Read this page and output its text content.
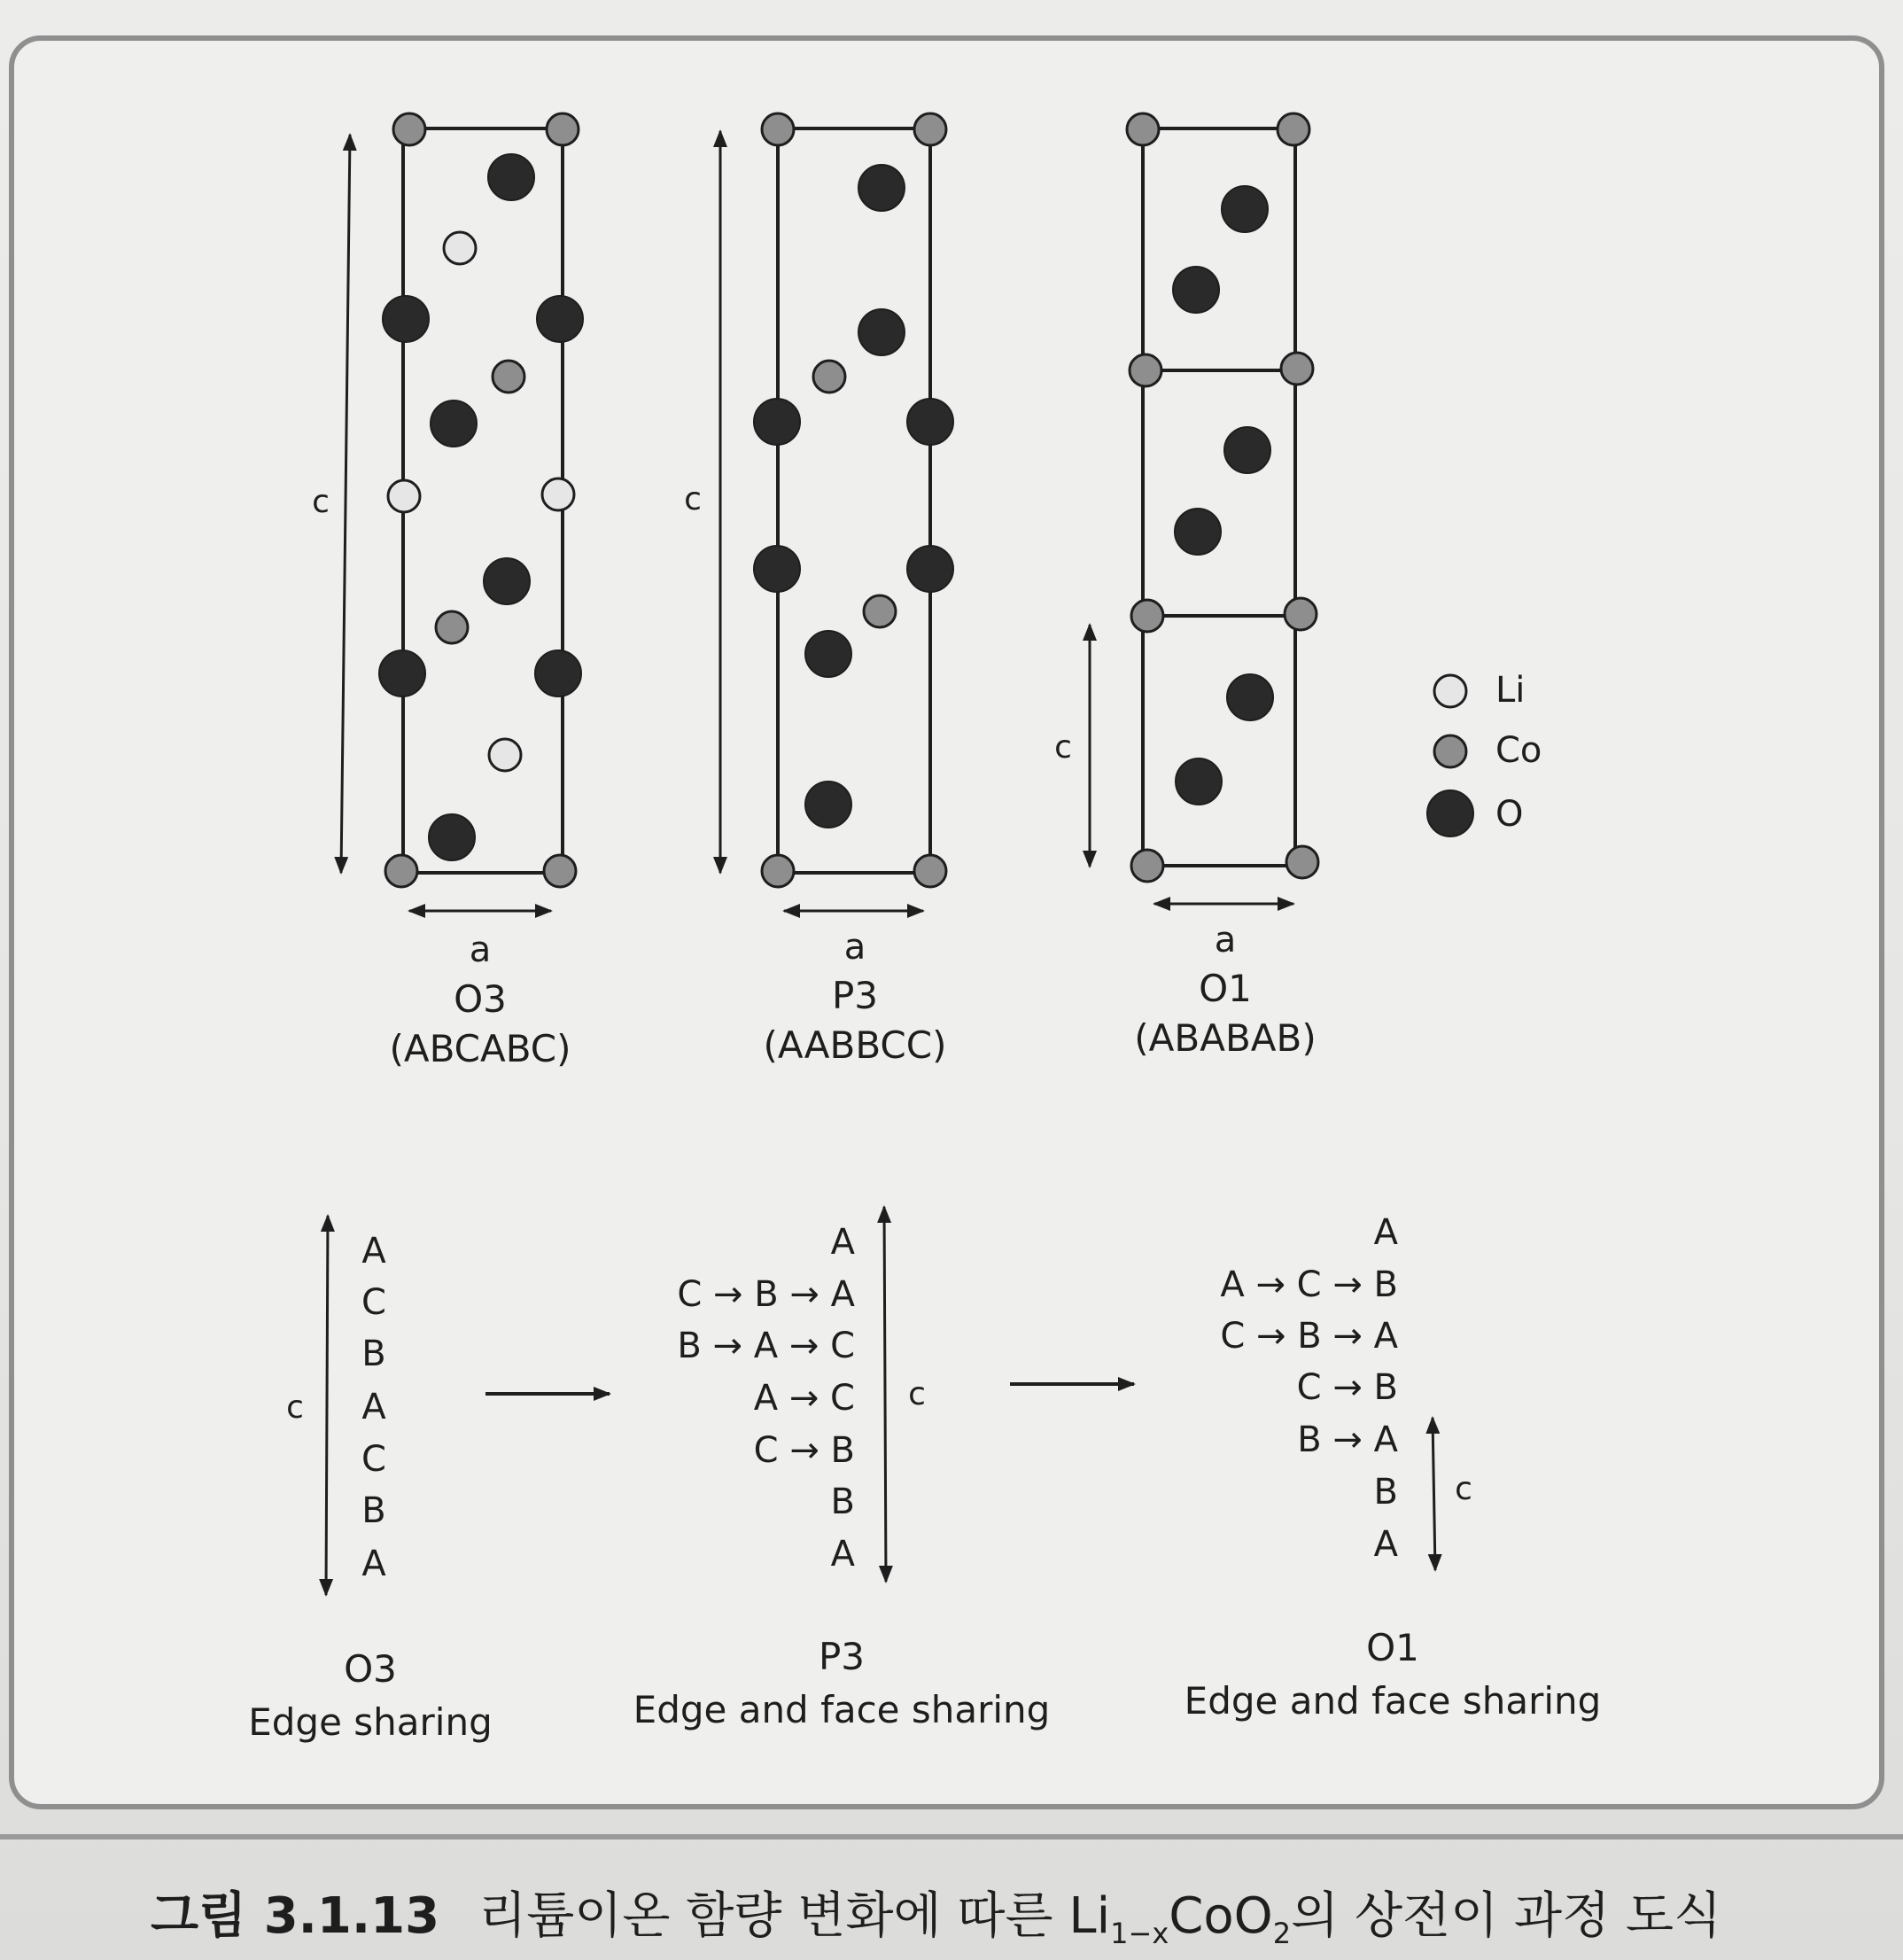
c
a
O3
(ABCABC)
c
a
P3
(AABBCC)
c
a
O1
(ABABAB)
Li
Co
O
c
A
C
B
A
C
B
A
O3
Edge sharing
c
A
C → B → A
B → A → C
A → C
C → B
B
A
P3
Edge and face sharing
c
A
A → C → B
C → B → A
C → B
B → A
B
A
O1
Edge and face sharing
그림 3.1.13 리튬이온 함량 변화에 따른 $Li_{1-x}CoO_2$의 상전이 과정 도식
